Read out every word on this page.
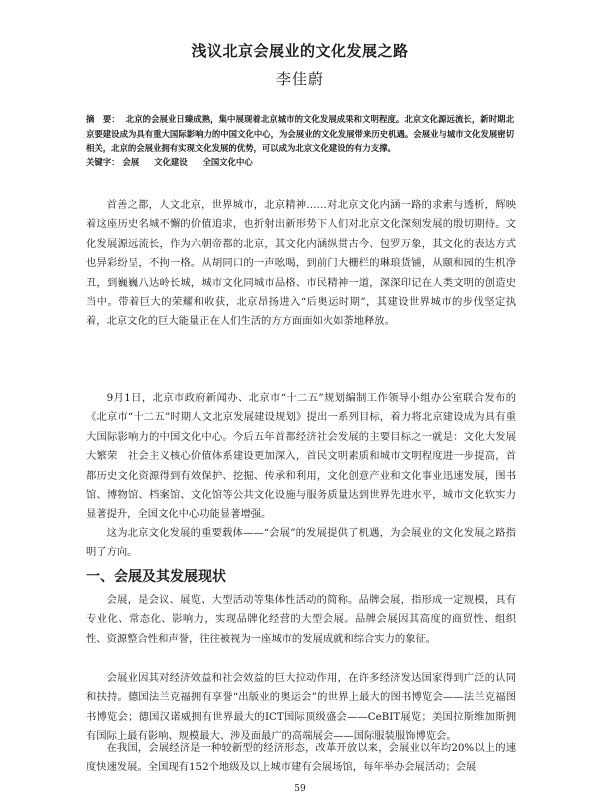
浅议北京会展业的文化发展之路
李佳蔚
摘　要： 北京的会展业日臻成熟，集中展现着北京城市的文化发展成果和文明程度。北京文化源远流长，新时期北京要建设成为具有重大国际影响力的中国文化中心，为会展业的文化发展带来历史机遇。会展业与城市文化发展密切相关，北京的会展业拥有实现文化发展的优势，可以成为北京文化建设的有力支撑。
关键字： 会展 文化建设 全国文化中心

首善之都，人文北京，世界城市，北京精神……对北京文化内涵一路的求索与透析，辉映着这座历史名城不懈的价值追求，也折射出新形势下人们对北京文化深刻发展的殷切期待。文化发展源远流长，作为六朝帝都的北京，其文化内涵纵贯古今、包罗万象，其文化的表达方式也异彩纷呈，不拘一格。从胡同口的一声吆喝，到前门大栅栏的琳琅货铺，从颐和园的生机净丑，到巍巍八达岭长城，城市文化同城市品格、市民精神一道，深深印记在人类文明的创造史当中。带着巨大的荣耀和收获，北京昂扬进入“后奥运时期”，其建设世界城市的步伐坚定执着，北京文化的巨大能量正在人们生活的方方面面如火如荼地释放。

9月1日，北京市政府新闻办、北京市“十二五”规划编制工作领导小组办公室联合发布的《北京市“十二五”时期人文北京发展建设规划》提出一系列目标，着力将北京建设成为具有重大国际影响力的中国文化中心。今后五年首都经济社会发展的主要目标之一就是：文化大发展大繁荣　社会主义核心价值体系建设更加深入，首民文明素质和城市文明程度进一步提高，首都历史文化资源得到有效保护、挖掘、传承和利用，文化创意产业和文化事业迅速发展，图书馆、博物馆、档案馆、文化馆等公共文化设施与服务质量达到世界先进水平，城市文化软实力显著提升，全国文化中心功能显著增强。

这为北京文化发展的重要载体——“会展”的发展提供了机遇，为会展业的文化发展之路指明了方向。

一、会展及其发展现状

会展，是会议、展览、大型活动等集体性活动的简称。品牌会展，指形成一定规模，具有专业化、常态化、影响力，实现品牌化经营的大型会展。品牌会展因其高度的商贸性、组织性、资源整合性和声誉，往往被视为一座城市的发展成就和综合实力的象征。

会展业因其对经济效益和社会效益的巨大拉动作用，在许多经济发达国家得到广泛的认同和扶持。德国法兰克福拥有享誉“出版业的奥运会”的世界上最大的图书博览会——法兰克福图书博览会；德国汉诺威拥有世界最大的ICT国际顶级盛会——CeBIT展览；美国拉斯维加斯拥有国际上最有影响、规模最大、涉及面最广的高端展会——国际服装服饰博览会。

在我国，会展经济是一种较新型的经济形态，改革开放以来，会展业以年均20%以上的速度快速发展。全国现有152个地级及以上城市建有会展场馆，每年举办会展活动；会展

59
